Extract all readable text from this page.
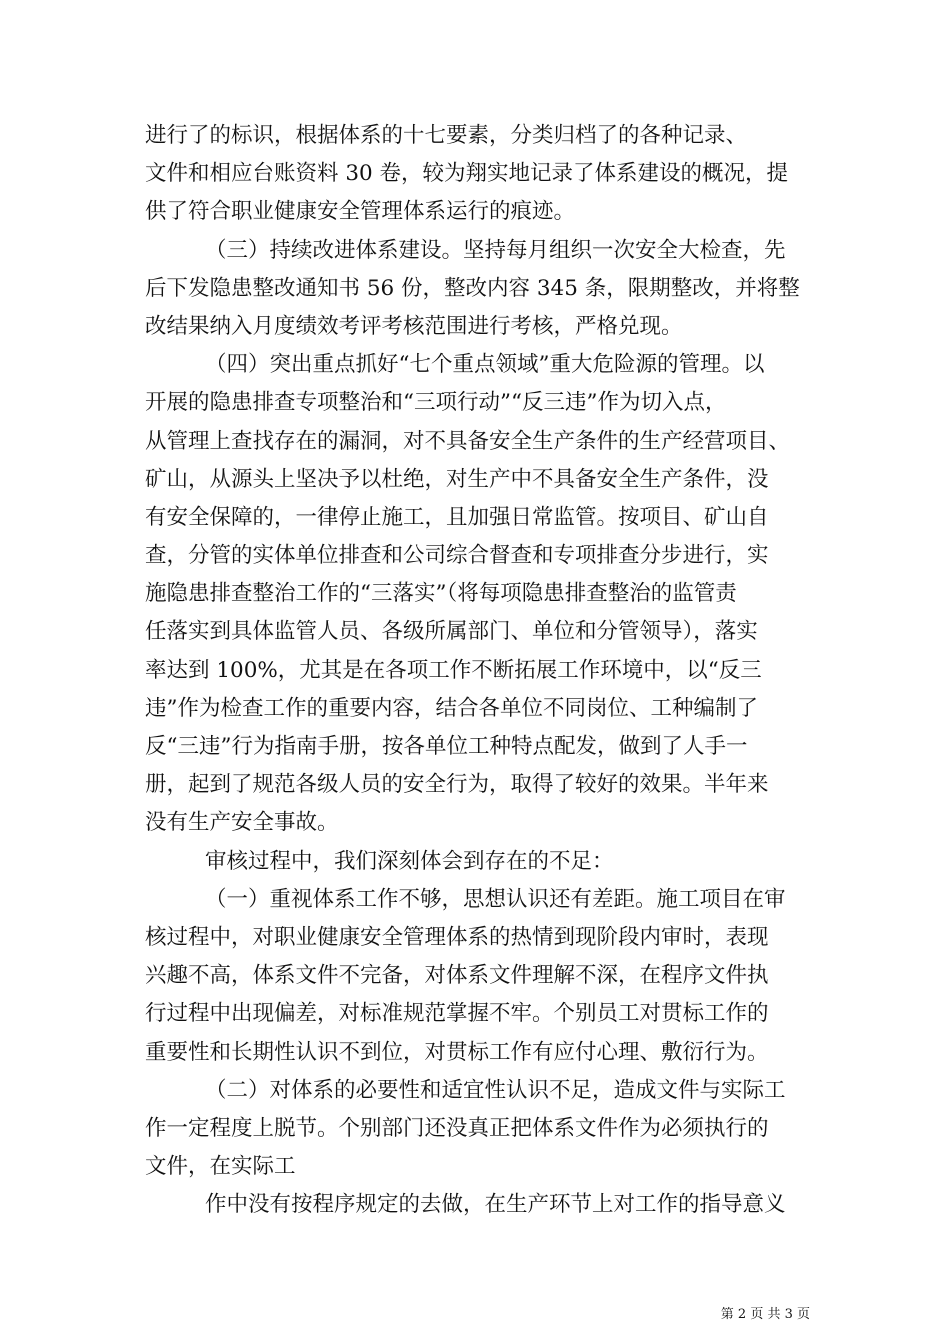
进行了的标识，根据体系的十七要素，分类归档了的各种记录、
文件和相应台账资料 30 卷，较为翔实地记录了体系建设的概况，提
供了符合职业健康安全管理体系运行的痕迹。
（三）持续改进体系建设。坚持每月组织一次安全大检查，先
后下发隐患整改通知书 56 份，整改内容 345 条，限期整改，并将整
改结果纳入月度绩效考评考核范围进行考核，严格兑现。
（四）突出重点抓好“七个重点领域”重大危险源的管理。以
开展的隐患排查专项整治和“三项行动”“反三违”作为切入点，
从管理上查找存在的漏洞，对不具备安全生产条件的生产经营项目、
矿山，从源头上坚决予以杜绝，对生产中不具备安全生产条件，没
有安全保障的，一律停止施工，且加强日常监管。按项目、矿山自
查，分管的实体单位排查和公司综合督查和专项排查分步进行，实
施隐患排查整治工作的“三落实”（将每项隐患排查整治的监管责
任落实到具体监管人员、各级所属部门、单位和分管领导），落实
率达到 100%，尤其是在各项工作不断拓展工作环境中，以“反三
违”作为检查工作的重要内容，结合各单位不同岗位、工种编制了
反“三违”行为指南手册，按各单位工种特点配发，做到了人手一
册，起到了规范各级人员的安全行为，取得了较好的效果。半年来
没有生产安全事故。
审核过程中，我们深刻体会到存在的不足：
（一）重视体系工作不够，思想认识还有差距。施工项目在审
核过程中，对职业健康安全管理体系的热情到现阶段内审时，表现
兴趣不高，体系文件不完备，对体系文件理解不深，在程序文件执
行过程中出现偏差，对标准规范掌握不牢。个别员工对贯标工作的
重要性和长期性认识不到位，对贯标工作有应付心理、敷衍行为。
（二）对体系的必要性和适宜性认识不足，造成文件与实际工
作一定程度上脱节。个别部门还没真正把体系文件作为必须执行的
文件，在实际工
作中没有按程序规定的去做，在生产环节上对工作的指导意义
第 2 页 共 3 页
